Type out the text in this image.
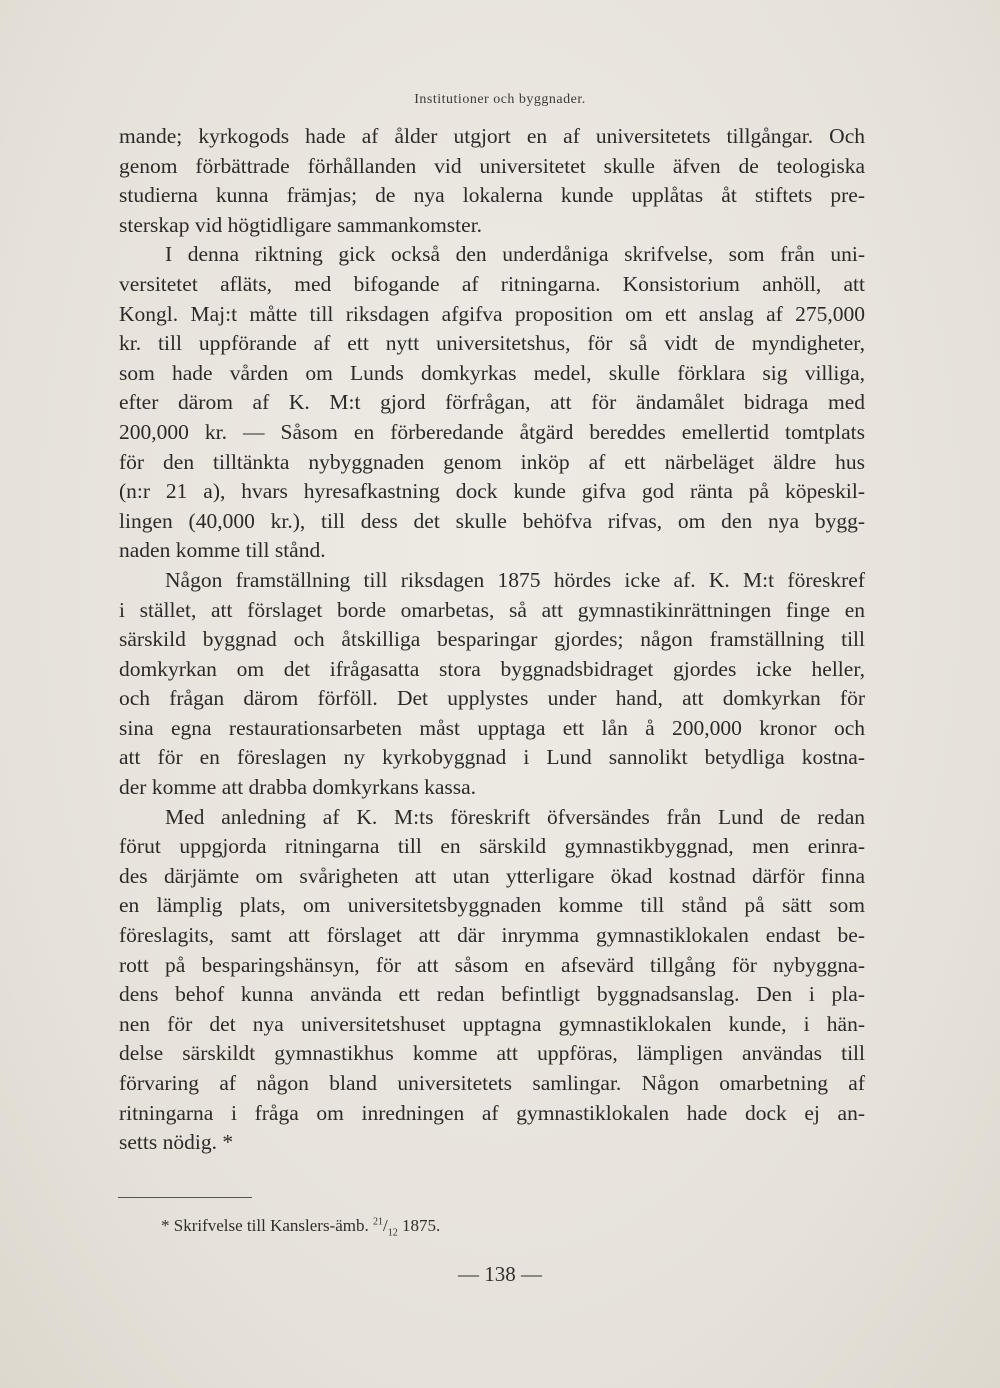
Institutioner och byggnader.
mande; kyrkogods hade af ålder utgjort en af universitetets tillgångar. Och
genom förbättrade förhållanden vid universitetet skulle äfven de teologiska
studierna kunna främjas; de nya lokalerna kunde upplåtas åt stiftets pre-
sterskap vid högtidligare sammankomster.
I denna riktning gick också den underdåniga skrifvelse, som från uni-
versitetet afläts, med bifogande af ritningarna. Konsistorium anhöll, att
Kongl. Maj:t måtte till riksdagen afgifva proposition om ett anslag af 275,000
kr. till uppförande af ett nytt universitetshus, för så vidt de myndigheter,
som hade vården om Lunds domkyrkas medel, skulle förklara sig villiga,
efter därom af K. M:t gjord förfrågan, att för ändamålet bidraga med
200,000 kr. — Såsom en förberedande åtgärd bereddes emellertid tomtplats
för den tilltänkta nybyggnaden genom inköp af ett närbeläget äldre hus
(n:r 21 a), hvars hyresafkastning dock kunde gifva god ränta på köpeskil-
lingen (40,000 kr.), till dess det skulle behöfva rifvas, om den nya bygg-
naden komme till stånd.
Någon framställning till riksdagen 1875 hördes icke af. K. M:t föreskref
i stället, att förslaget borde omarbetas, så att gymnastikinrättningen finge en
särskild byggnad och åtskilliga besparingar gjordes; någon framställning till
domkyrkan om det ifrågasatta stora byggnadsbidraget gjordes icke heller,
och frågan därom förföll. Det upplystes under hand, att domkyrkan för
sina egna restaurationsarbeten måst upptaga ett lån å 200,000 kronor och
att för en föreslagen ny kyrkobyggnad i Lund sannolikt betydliga kostna-
der komme att drabba domkyrkans kassa.
Med anledning af K. M:ts föreskrift öfversändes från Lund de redan
förut uppgjorda ritningarna till en särskild gymnastikbyggnad, men erinra-
des därjämte om svårigheten att utan ytterligare ökad kostnad därför finna
en lämplig plats, om universitetsbyggnaden komme till stånd på sätt som
föreslagits, samt att förslaget att där inrymma gymnastiklokalen endast be-
rott på besparingshänsyn, för att såsom en afsevärd tillgång för nybyggna-
dens behof kunna använda ett redan befintligt byggnadsanslag. Den i pla-
nen för det nya universitetshuset upptagna gymnastiklokalen kunde, i hän-
delse särskildt gymnastikhus komme att uppföras, lämpligen användas till
förvaring af någon bland universitetets samlingar. Någon omarbetning af
ritningarna i fråga om inredningen af gymnastiklokalen hade dock ej an-
setts nödig. *
* Skrifvelse till Kanslers-ämb. $^{21}/_{12}$ 1875.
— 138 —
